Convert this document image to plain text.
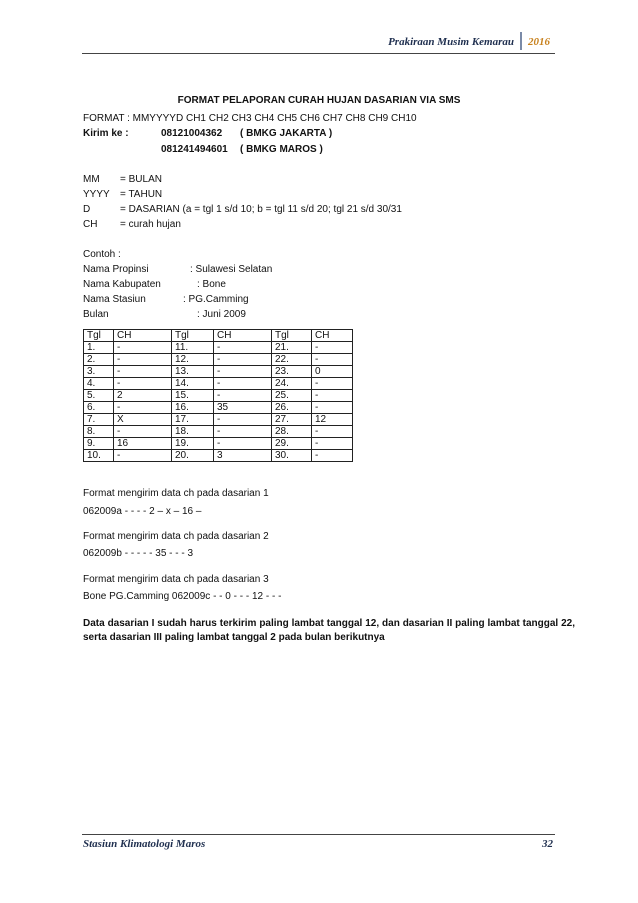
Prakiraan Musim Kemarau	2016
FORMAT PELAPORAN CURAH HUJAN DASARIAN VIA SMS
FORMAT : MMYYYYD CH1 CH2 CH3 CH4 CH5 CH6 CH7 CH8 CH9 CH10
Kirim ke :	08121004362 ( BMKG JAKARTA )
081241494601 ( BMKG MAROS )
MM = BULAN
YYYY = TAHUN
D	= DASARIAN (a = tgl 1 s/d 10; b = tgl 11 s/d 20; tgl 21 s/d 30/31
CH = curah hujan
Contoh :
Nama Propinsi	: Sulawesi Selatan
Nama Kabupaten	: Bone
Nama Stasiun	: PG.Camming
Bulan	: Juni 2009
Tgl	CH	Tgl	CH	Tgl	CH
1.	-	11.	-	21.	-
2.	-	12.	-	22.	-
3.	-	13.	-	23.	0
4.	-	14.	-	24.	-
5.	2	15.	-	25.	-
6.	-	16.	35	26.	-
7.	X	17.	-	27.	12
8.	-	18.	-	28.	-
9.	16	19.	-	29.	-
10.	-	20.	3	30.	-
Format mengirim data ch pada dasarian 1
062009a - - - - 2 – x – 16 –
Format mengirim data ch pada dasarian 2
062009b - - - - - 35 - - - 3
Format mengirim data ch pada dasarian 3
Bone PG.Camming 062009c - - 0 - - - 12 - - -
Data dasarian I sudah harus terkirim paling lambat tanggal 12, dan dasarian II paling lambat tanggal 22, serta dasarian III paling lambat tanggal 2 pada bulan berikutnya
Stasiun Klimatologi Maros	32
